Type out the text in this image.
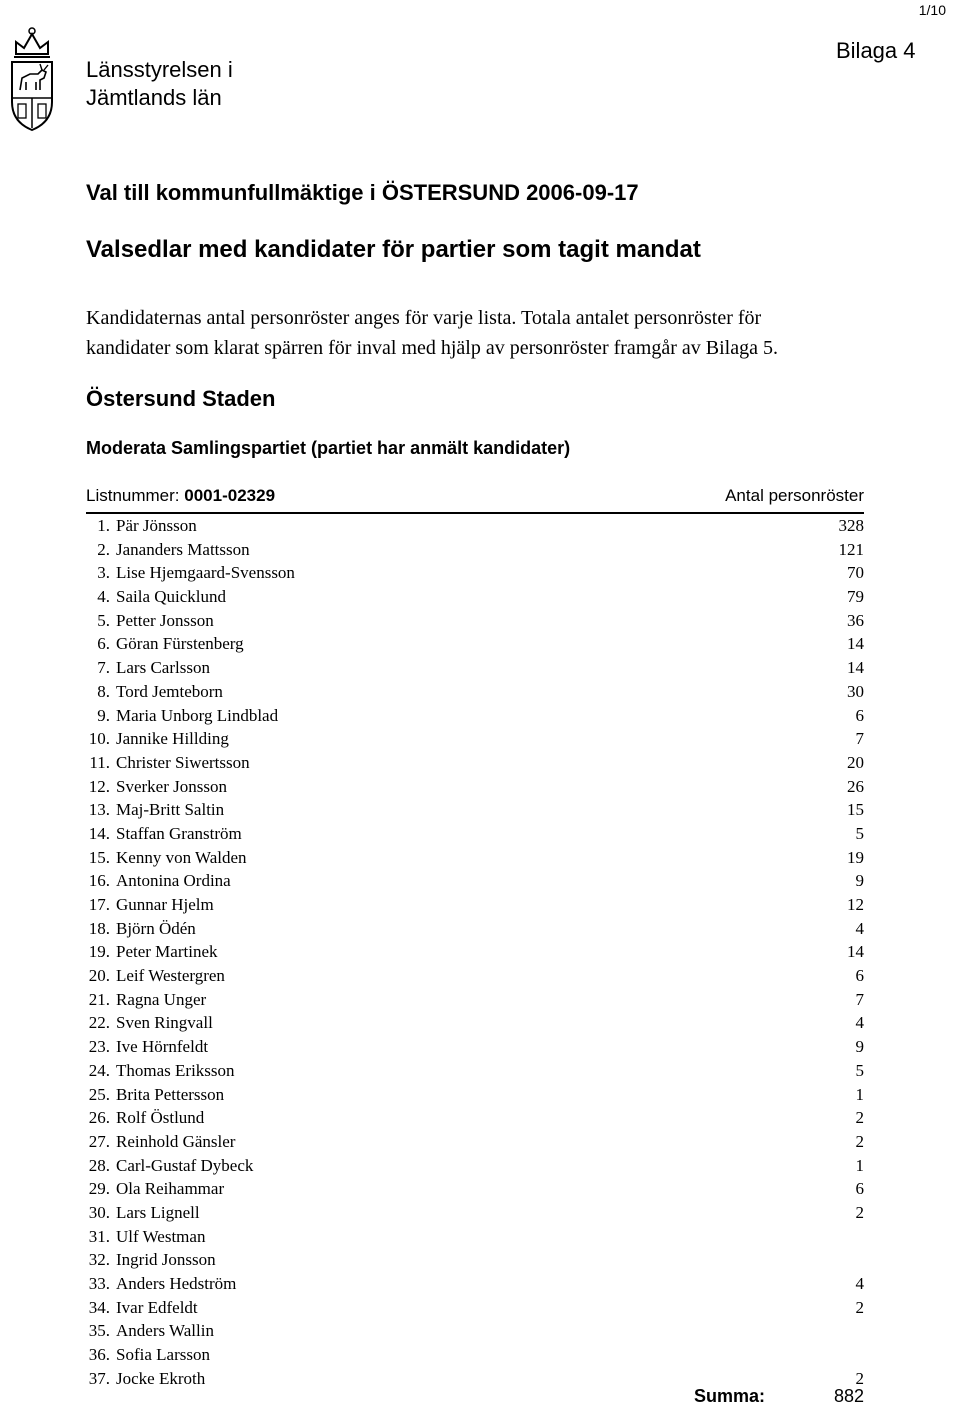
1/10
Länsstyrelsen i
Jämtlands län
Bilaga 4
Val till kommunfullmäktige i ÖSTERSUND 2006-09-17
Valsedlar med kandidater för partier som tagit mandat
Kandidaternas antal personröster anges för varje lista. Totala antalet personröster för
kandidater som klarat spärren för inval med hjälp av personröster framgår av Bilaga 5.
Östersund Staden
Moderata Samlingspartiet (partiet har anmält kandidater)
Listnummer: 0001-02329	Antal personröster
1. Pär Jönsson	328
2. Jananders Mattsson	121
3. Lise Hjemgaard-Svensson	70
4. Saila Quicklund	79
5. Petter Jonsson	36
6. Göran Fürstenberg	14
7. Lars Carlsson	14
8. Tord Jemteborn	30
9. Maria Unborg Lindblad	6
10. Jannike Hillding	7
11. Christer Siwertsson	20
12. Sverker Jonsson	26
13. Maj-Britt Saltin	15
14. Staffan Granström	5
15. Kenny von Walden	19
16. Antonina Ordina	9
17. Gunnar Hjelm	12
18. Björn Ödén	4
19. Peter Martinek	14
20. Leif Westergren	6
21. Ragna Unger	7
22. Sven Ringvall	4
23. Ive Hörnfeldt	9
24. Thomas Eriksson	5
25. Brita Pettersson	1
26. Rolf Östlund	2
27. Reinhold Gänsler	2
28. Carl-Gustaf Dybeck	1
29. Ola Reihammar	6
30. Lars Lignell	2
31. Ulf Westman
32. Ingrid Jonsson
33. Anders Hedström	4
34. Ivar Edfeldt	2
35. Anders Wallin
36. Sofia Larsson
37. Jocke Ekroth	2
Summa:	882
